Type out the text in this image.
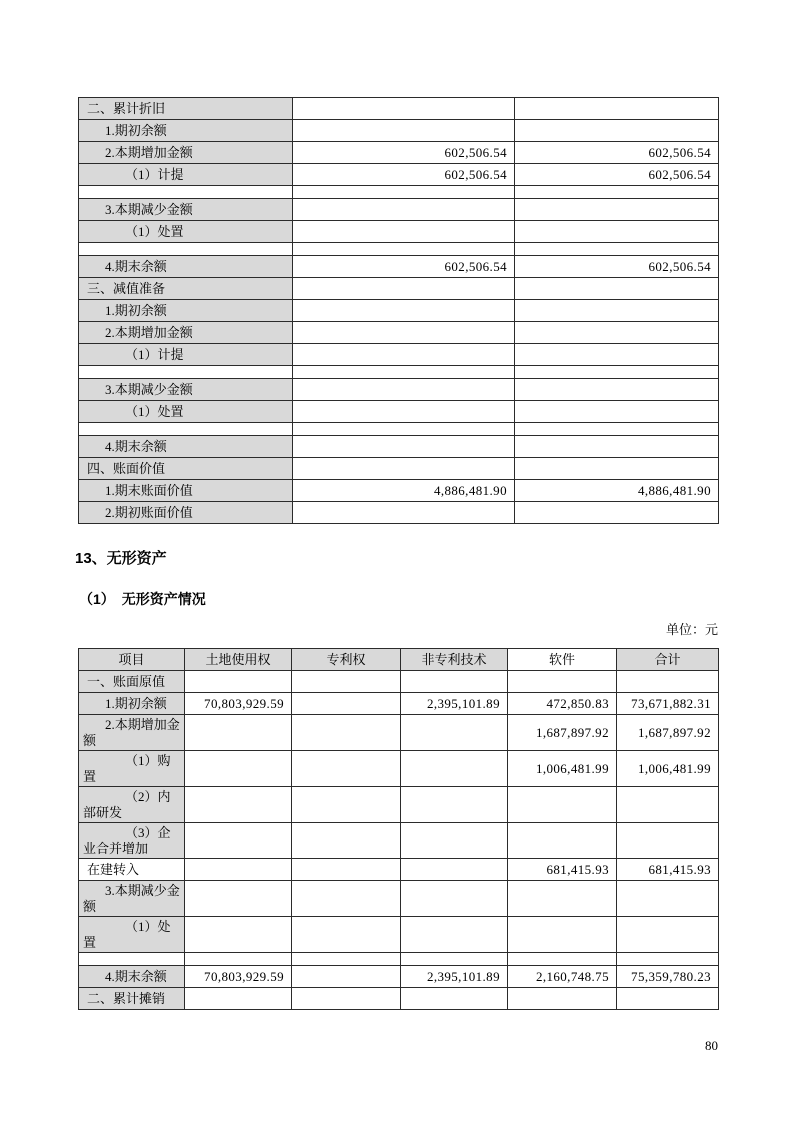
二、累计折旧		
1.期初余额		
2.本期增加金额	602,506.54	602,506.54
（1）计提	602,506.54	602,506.54

3.本期减少金额		
（1）处置		

4.期末余额	602,506.54	602,506.54
三、减值准备		
1.期初余额		
2.本期增加金额		
（1）计提		

3.本期减少金额		
（1）处置		

4.期末余额		
四、账面价值		
1.期末账面价值	4,886,481.90	4,886,481.90
2.期初账面价值		
13、无形资产
（1）　无形资产情况
单位：元
项目	土地使用权	专利权	非专利技术	软件	合计
一、账面原值					
1.期初余额	70,803,929.59		2,395,101.89	472,850.83	73,671,882.31
2.本期增加金额				1,687,897.92	1,687,897.92
（1）购置				1,006,481.99	1,006,481.99
（2）内部研发					
（3）企业合并增加					
在建转入				681,415.93	681,415.93
3.本期减少金额					
（1）处置					

4.期末余额	70,803,929.59		2,395,101.89	2,160,748.75	75,359,780.23
二、累计摊销					
80
